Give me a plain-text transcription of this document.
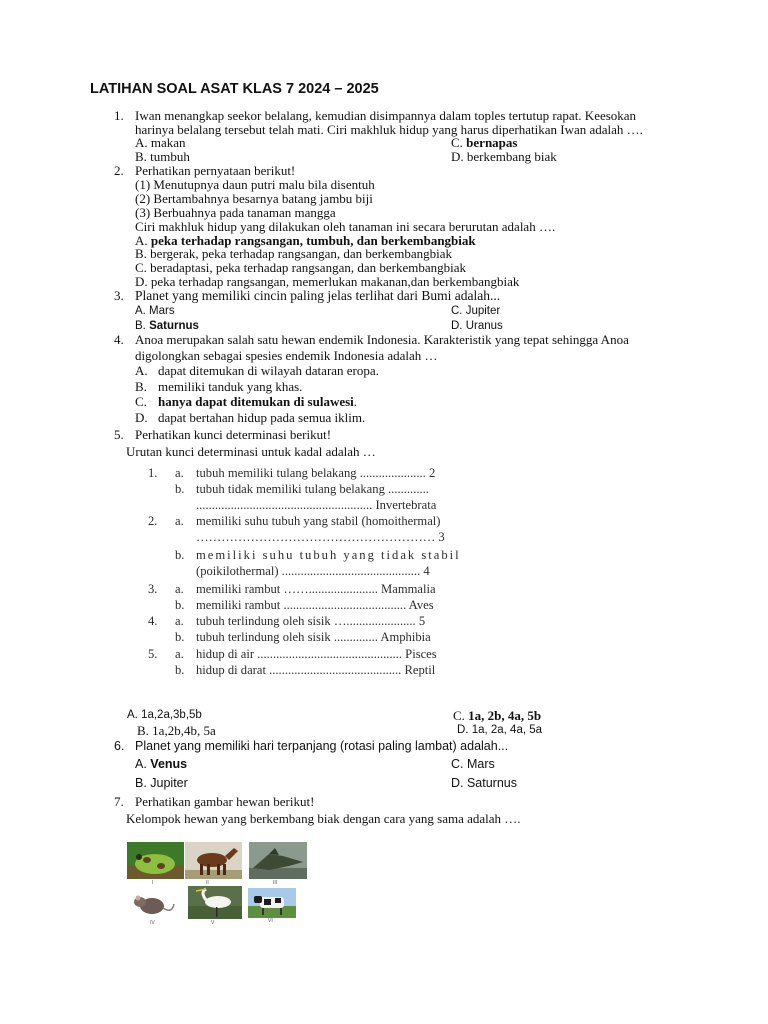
LATIHAN SOAL ASAT KLAS 7 2024 – 2025
1. Iwan menangkap seekor belalang, kemudian disimpannya dalam toples tertutup rapat. Keesokan
harinya belalang tersebut telah mati. Ciri makhluk hidup yang harus diperhatikan Iwan adalah ….
A. makan	C. bernapas
B. tumbuh	D. berkembang biak
2. Perhatikan pernyataan berikut!
(1) Menutupnya daun putri malu bila disentuh
(2) Bertambahnya besarnya batang jambu biji
(3) Berbuahnya pada tanaman mangga
Ciri makhluk hidup yang dilakukan oleh tanaman ini secara berurutan adalah ….
A. peka terhadap rangsangan, tumbuh, dan berkembangbiak
B. bergerak, peka terhadap rangsangan, dan berkembangbiak
C. beradaptasi, peka terhadap rangsangan, dan berkembangbiak
D. peka terhadap rangsangan, memerlukan makanan,dan berkembangbiak
3. Planet yang memiliki cincin paling jelas terlihat dari Bumi adalah...
A. Mars	C. Jupiter
B. Saturnus	D. Uranus
4. Anoa merupakan salah satu hewan endemik Indonesia. Karakteristik yang tepat sehingga Anoa
digolongkan sebagai spesies endemik Indonesia adalah …
A. dapat ditemukan di wilayah dataran eropa.
B. memiliki tanduk yang khas.
C. hanya dapat ditemukan di sulawesi.
D. dapat bertahan hidup pada semua iklim.
5. Perhatikan kunci determinasi berikut!
Urutan kunci determinasi untuk kadal adalah …
1. a. tubuh memiliki tulang belakang ..................... 2
b. tubuh tidak memiliki tulang belakang .............
........................................................ Invertebrata
2. a. memiliki suhu tubuh yang stabil (homoithermal)
………………………………………………… 3
b. memiliki suhu tubuh yang tidak stabil
(poikilothermal) ............................................ 4
3. a. memiliki rambut ……...................... Mammalia
b. memiliki rambut ....................................... Aves
4. a. tubuh terlindung oleh sisik …...................... 5
b. tubuh terlindung oleh sisik .............. Amphibia
5. a. hidup di air .............................................. Pisces
b. hidup di darat .......................................... Reptil
A. 1a,2a,3b,5b	C. 1a, 2b, 4a, 5b
B. 1a,2b,4b, 5a	D. 1a, 2a, 4a, 5a
6. Planet yang memiliki hari terpanjang (rotasi paling lambat) adalah...
A. Venus	C. Mars
B. Jupiter	D. Saturnus
7. Perhatikan gambar hewan berikut!
Kelompok hewan yang berkembang biak dengan cara yang sama adalah ….
I	II	III
IV	V	VI
